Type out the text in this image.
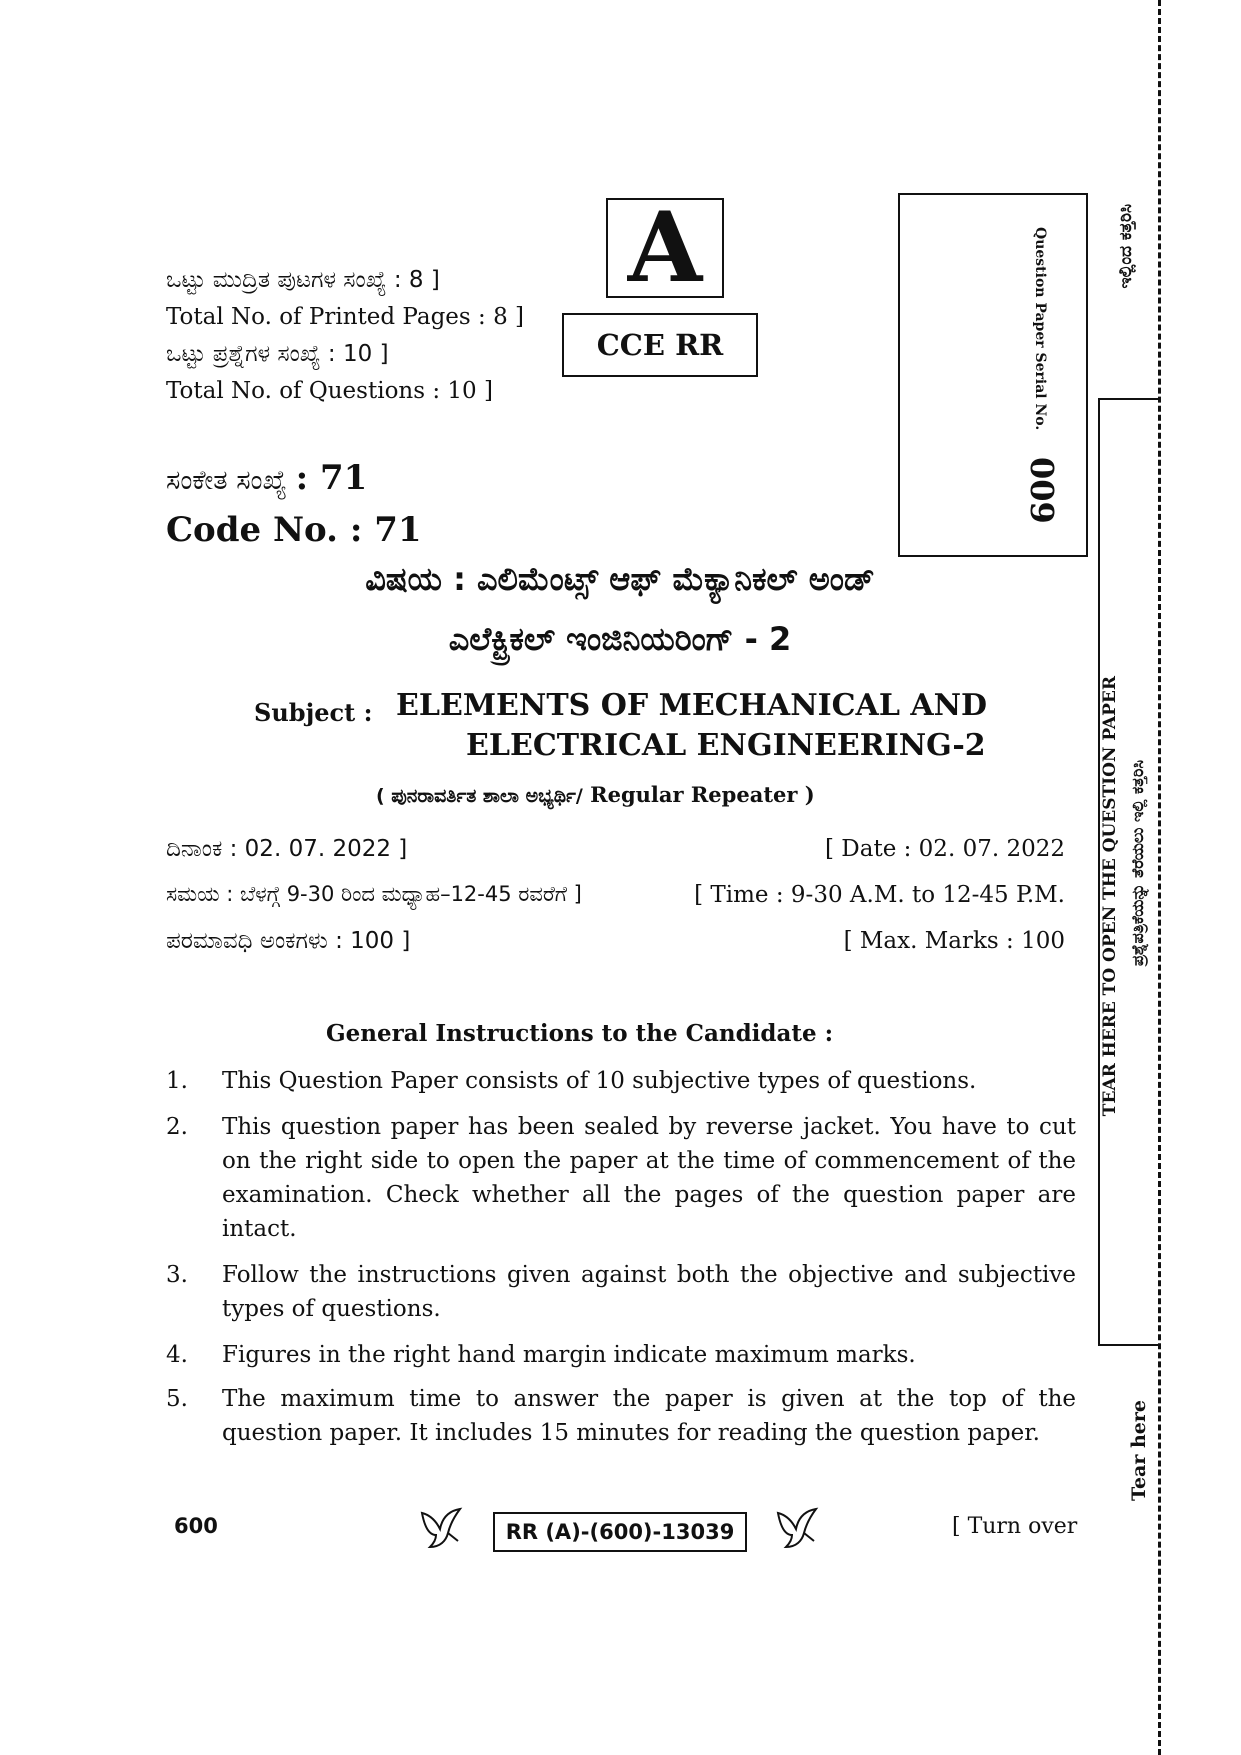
ಒಟ್ಟು ಮುದ್ರಿತ ಪುಟಗಳ ಸಂಖ್ಯೆ : 8 ]
Total No. of Printed Pages : 8 ]
ಒಟ್ಟು ಪ್ರಶ್ನೆಗಳ ಸಂಖ್ಯೆ : 10 ]
Total No. of Questions : 10 ]
A
CCE RR	Question Paper Serial No.
600
ಸಂಕೇತ ಸಂಖ್ಯೆ : 71
Code No. : 71
ವಿಷಯ : ಎಲಿಮೆಂಟ್ಸ್ ಆಫ್ ಮೆಕ್ಯಾನಿಕಲ್ ಅಂಡ್
ಎಲೆಕ್ಟ್ರಿಕಲ್ ಇಂಜಿನಿಯರಿಂಗ್ - 2
Subject : ELEMENTS OF MECHANICAL AND
ELECTRICAL ENGINEERING-2
( ಪುನರಾವರ್ತಿತ ಶಾಲಾ ಅಭ್ಯರ್ಥಿ/ Regular Repeater )
ದಿನಾಂಕ : 02. 07. 2022 ]	[ Date : 02. 07. 2022
ಸಮಯ : ಬೆಳಗ್ಗೆ 9-30 ರಿಂದ ಮಧ್ಯಾಹ–12-45 ರವರೆಗೆ ]	[ Time : 9-30 A.M. to 12-45 P.M.
ಪರಮಾವಧಿ ಅಂಕಗಳು : 100 ]	[ Max. Marks : 100
General Instructions to the Candidate :
1.	This Question Paper consists of 10 subjective types of questions.
2.	This question paper has been sealed by reverse jacket. You have to cut on the right side to open the paper at the time of commencement of the examination. Check whether all the pages of the question paper are intact.
3.	Follow the instructions given against both the objective and subjective types of questions.
4.	Figures in the right hand margin indicate maximum marks.
5.	The maximum time to answer the paper is given at the top of the question paper. It includes 15 minutes for reading the question paper.
600	RR (A)-(600)-13039	[ Turn over
ಇಲ್ಲಿಂದ ಕತ್ತರಿಸಿ
TEAR HERE TO OPEN THE QUESTION PAPER ಪ್ರಶ್ನೆಪತ್ರಿಕೆಯನ್ನು ತೆರೆಯಲು ಇಲ್ಲಿ ಕತ್ತರಿಸಿ
Tear here
